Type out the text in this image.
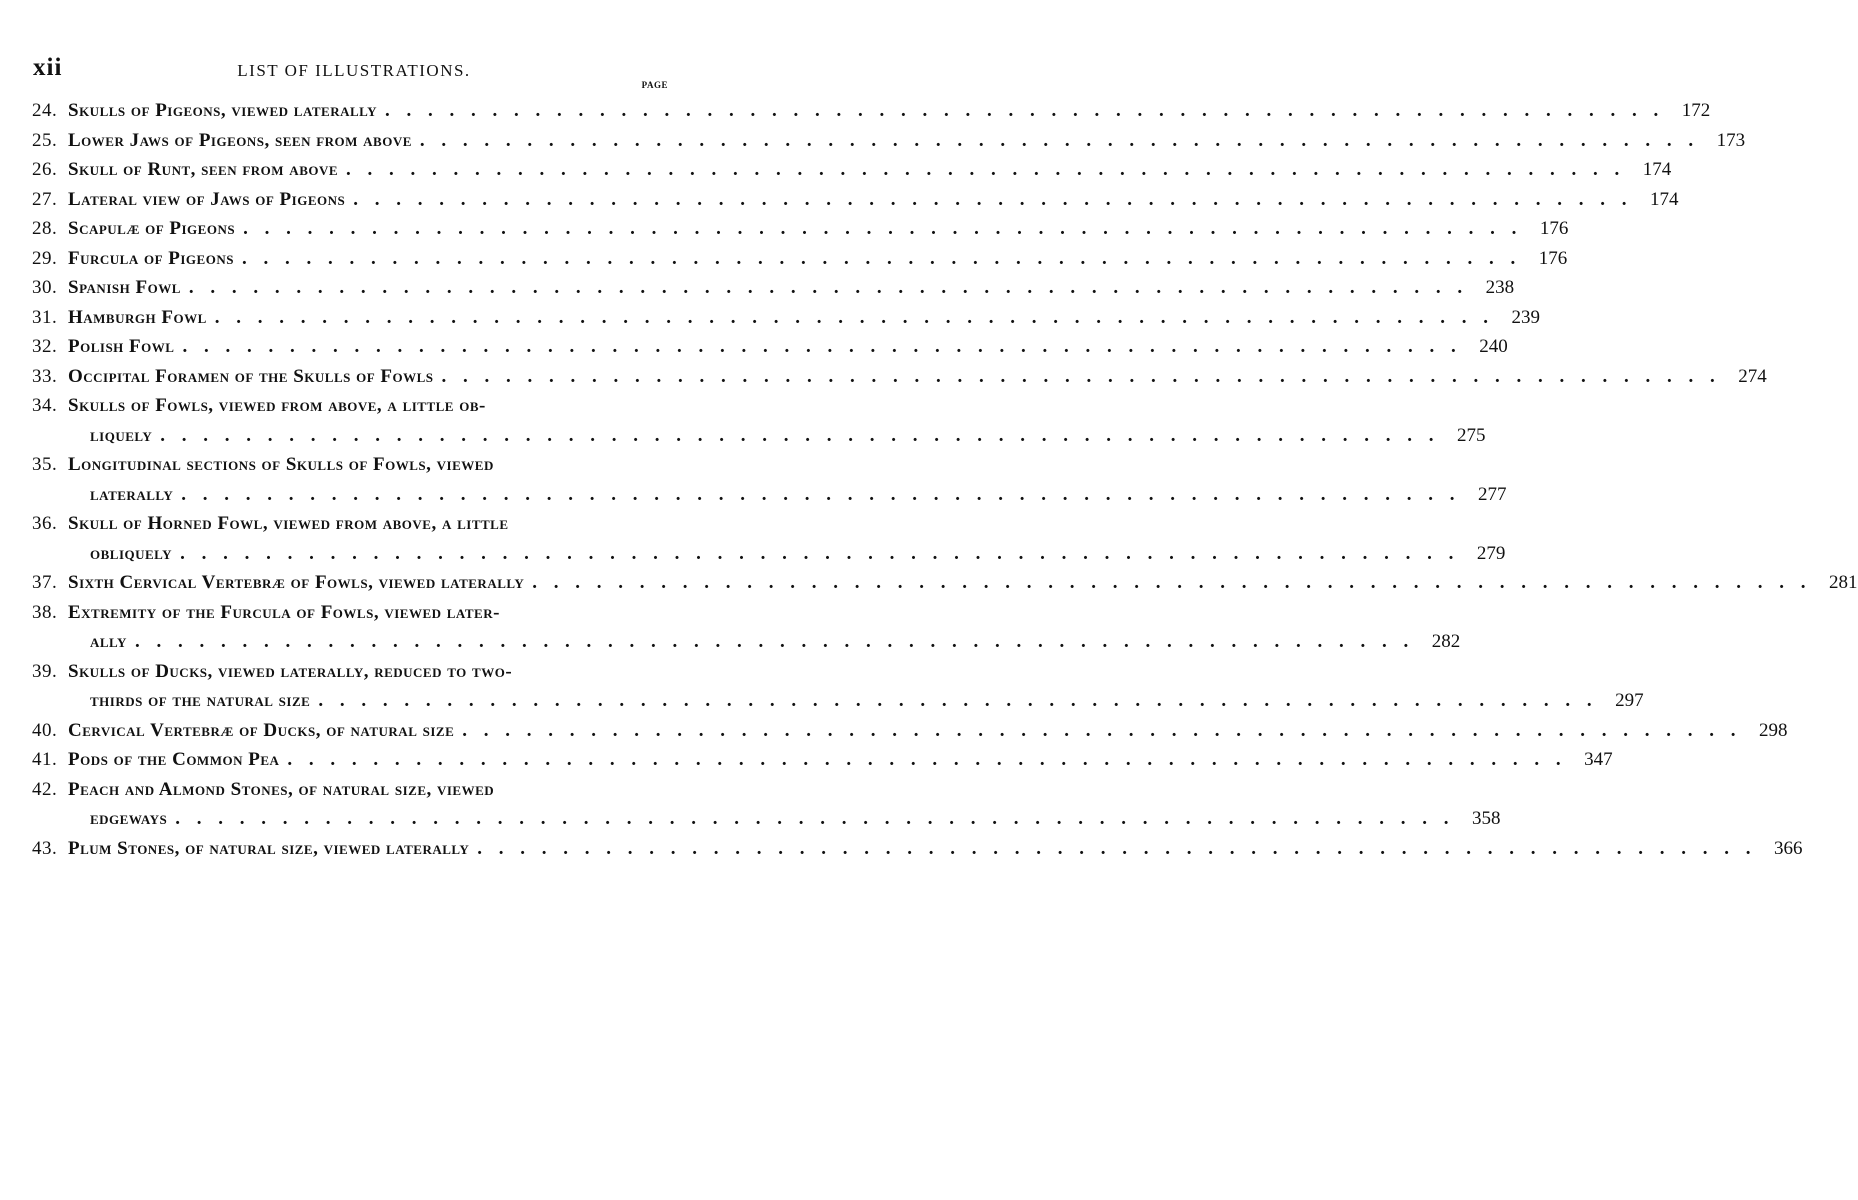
xii	LIST OF ILLUSTRATIONS.
PAGE
24. Skulls of Pigeons, viewed laterally . . .	172
25. Lower Jaws of Pigeons, seen from above . . .	173
26. Skull of Runt, seen from above . . .	174
27. Lateral view of Jaws of Pigeons . . .	174
28. Scapulæ of Pigeons . . .	176
29. Furcula of Pigeons . . .	176
30. Spanish Fowl . . .	238
31. Hamburgh Fowl . . .	239
32. Polish Fowl . . .	240
33. Occipital Foramen of the Skulls of Fowls . . .	274
34. Skulls of Fowls, viewed from above, a little ob-
liquely . . .	275
35. Longitudinal sections of Skulls of Fowls, viewed
laterally . . .	277
36. Skull of Horned Fowl, viewed from above, a little
obliquely . . .	279
37. Sixth Cervical Vertebræ of Fowls, viewed laterally . . .	281
38. Extremity of the Furcula of Fowls, viewed later-
ally . . .	282
39. Skulls of Ducks, viewed laterally, reduced to two-
thirds of the natural size . . .	297
40. Cervical Vertebræ of Ducks, of natural size . . .	298
41. Pods of the Common Pea . . .	347
42. Peach and Almond Stones, of natural size, viewed
edgeways . . .	358
43. Plum Stones, of natural size, viewed laterally . . .	366
